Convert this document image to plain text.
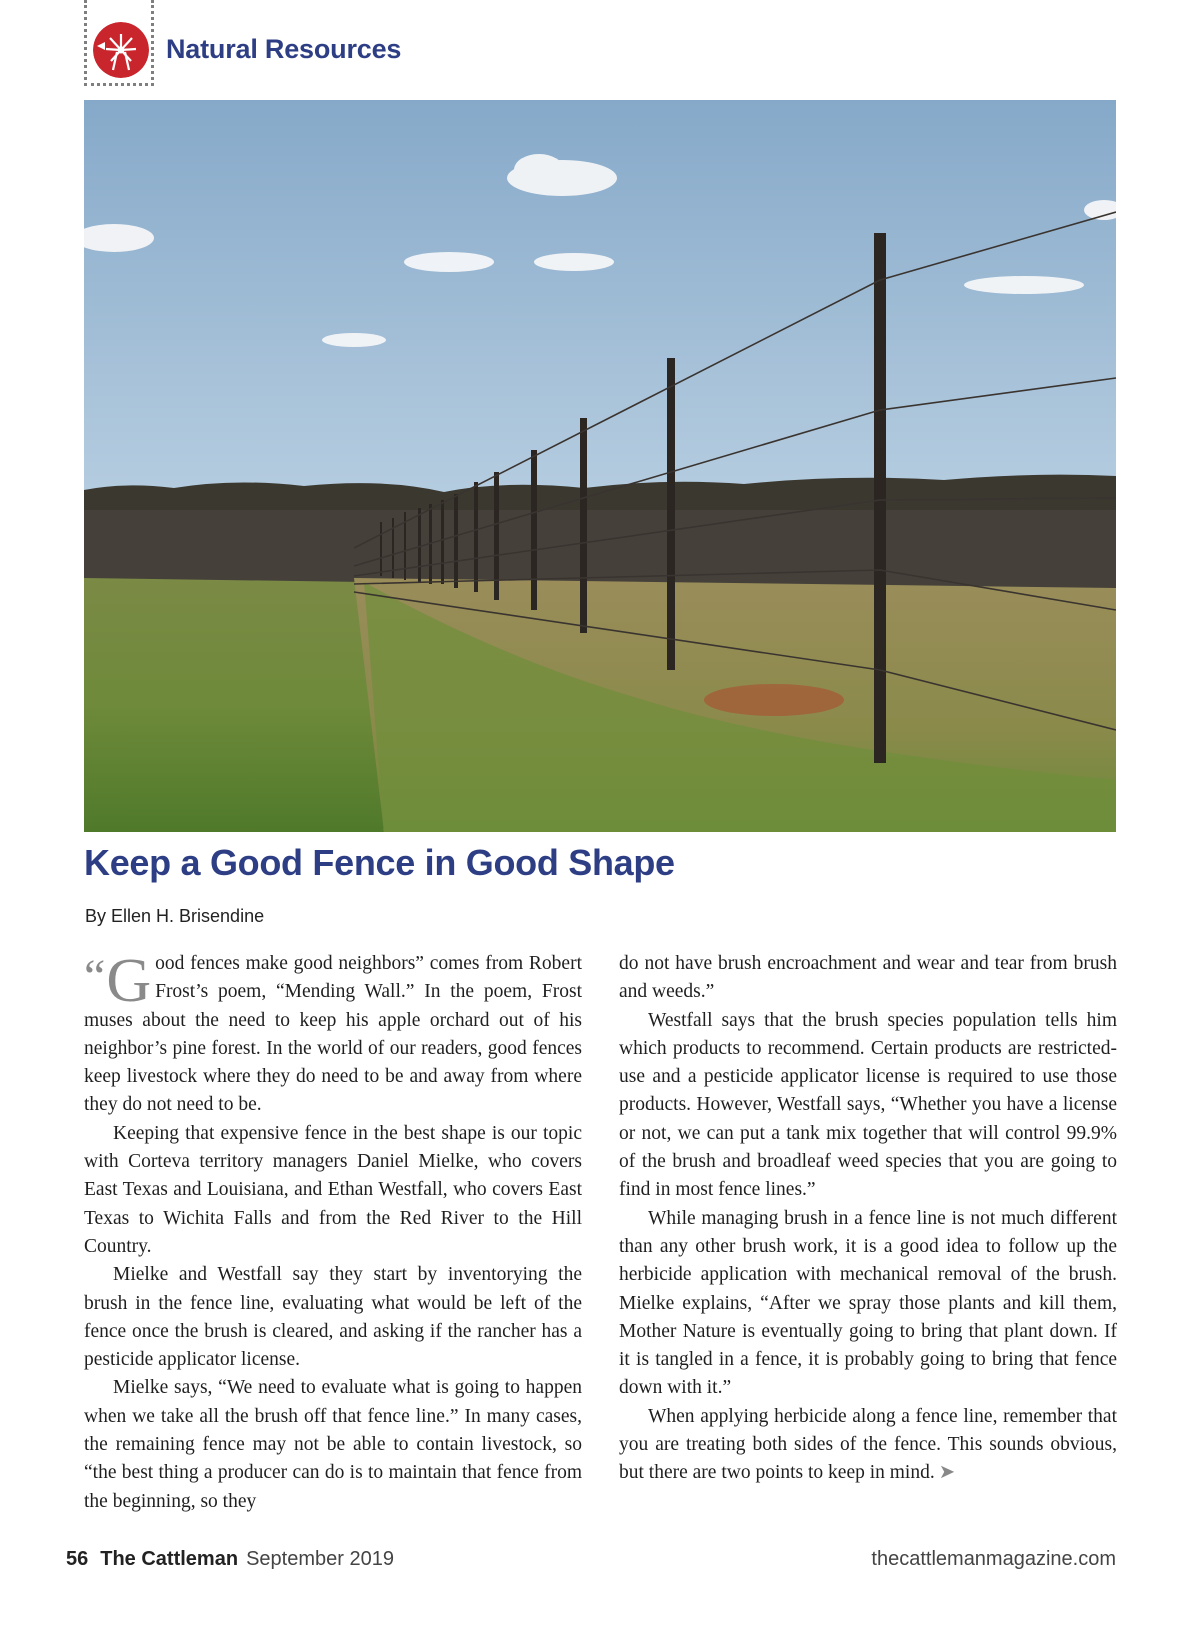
Natural Resources
Keep a Good Fence in Good Shape
By Ellen H. Brisendine

“G ood fences make good neighbors” comes from Robert Frost’s poem, “Mending Wall.” In the poem, Frost muses about the need to keep his apple orchard out of his neighbor’s pine forest. In the world of our readers, good fences keep livestock where they do need to be and away from where they do not need to be.

Keeping that expensive fence in the best shape is our topic with Corteva territory managers Daniel Mielke, who covers East Texas and Louisiana, and Ethan Westfall, who covers East Texas to Wichita Falls and from the Red River to the Hill Country.

Mielke and Westfall say they start by inventorying the brush in the fence line, evaluating what would be left of the fence once the brush is cleared, and asking if the rancher has a pesticide applicator license.

Mielke says, “We need to evaluate what is going to happen when we take all the brush off that fence line.” In many cases, the remaining fence may not be able to contain livestock, so “the best thing a producer can do is to maintain that fence from the beginning, so they

do not have brush encroachment and wear and tear from brush and weeds.”

Westfall says that the brush species population tells him which products to recommend. Certain products are restricted-use and a pesticide applicator license is required to use those products. However, Westfall says, “Whether you have a license or not, we can put a tank mix together that will control 99.9% of the brush and broadleaf weed species that you are going to find in most fence lines.”

While managing brush in a fence line is not much different than any other brush work, it is a good idea to follow up the herbicide application with mechanical removal of the brush. Mielke explains, “After we spray those plants and kill them, Mother Nature is eventually going to bring that plant down. If it is tangled in a fence, it is probably going to bring that fence down with it.”

When applying herbicide along a fence line, remember that you are treating both sides of the fence. This sounds obvious, but there are two points to keep in mind. ➤

56 The Cattleman September 2019	thecattlemanmagazine.com
